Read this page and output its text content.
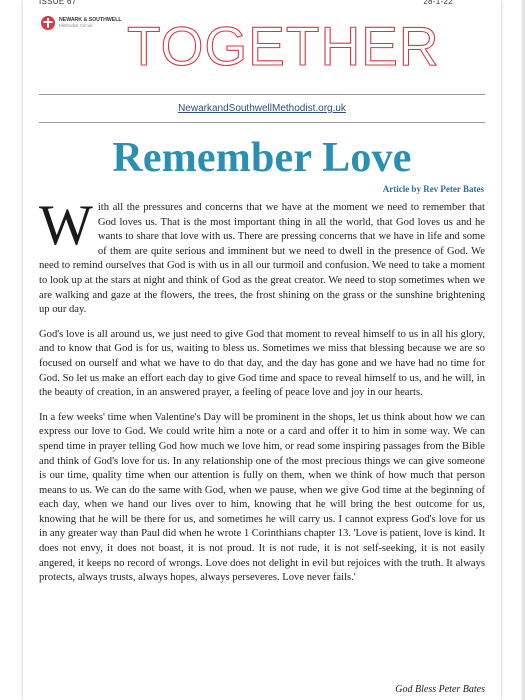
ISSUE 67	28-1-22
NEWARK & SOUTHWELL
Methodist Circuit TOGETHER
NewarkandSouthwellMethodist.org.uk
Remember Love
Article by Rev Peter Bates

With all the pressures and concerns that we have at the moment we need to remember that God loves us. That is the most important thing in all the world, that God loves us and he wants to share that love with us. There are pressing concerns that we have in life and some of them are quite serious and imminent but we need to dwell in the presence of God. We need to remind ourselves that God is with us in all our turmoil and confusion. We need to take a moment to look up at the stars at night and think of God as the great creator. We need to stop sometimes when we are walking and gaze at the flowers, the trees, the frost shining on the grass or the sunshine brightening up our day.

God's love is all around us, we just need to give God that moment to reveal himself to us in all his glory, and to know that God is for us, waiting to bless us. Sometimes we miss that blessing because we are so focused on ourself and what we have to do that day, and the day has gone and we have had no time for God. So let us make an effort each day to give God time and space to reveal himself to us, and he will, in the beauty of creation, in an answered prayer, a feeling of peace love and joy in our hearts.

In a few weeks' time when Valentine's Day will be prominent in the shops, let us think about how we can express our love to God. We could write him a note or a card and offer it to him in some way. We can spend time in prayer telling God how much we love him, or read some inspiring passages from the Bible and think of God's love for us. In any relationship one of the most precious things we can give someone is our time, quality time when our attention is fully on them, when we think of how much that person means to us. We can do the same with God, when we pause, when we give God time at the beginning of each day, when we hand our lives over to him, knowing that he will bring the best outcome for us, knowing that he will be there for us, and sometimes he will carry us. I cannot express God's love for us in any greater way than Paul did when he wrote 1 Corinthians chapter 13. 'Love is patient, love is kind. It does not envy, it does not boast, it is not proud. It is not rude, it is not self-seeking, it is not easily angered, it keeps no record of wrongs. Love does not delight in evil but rejoices with the truth. It always protects, always trusts, always hopes, always perseveres. Love never fails.'

God Bless Peter Bates
